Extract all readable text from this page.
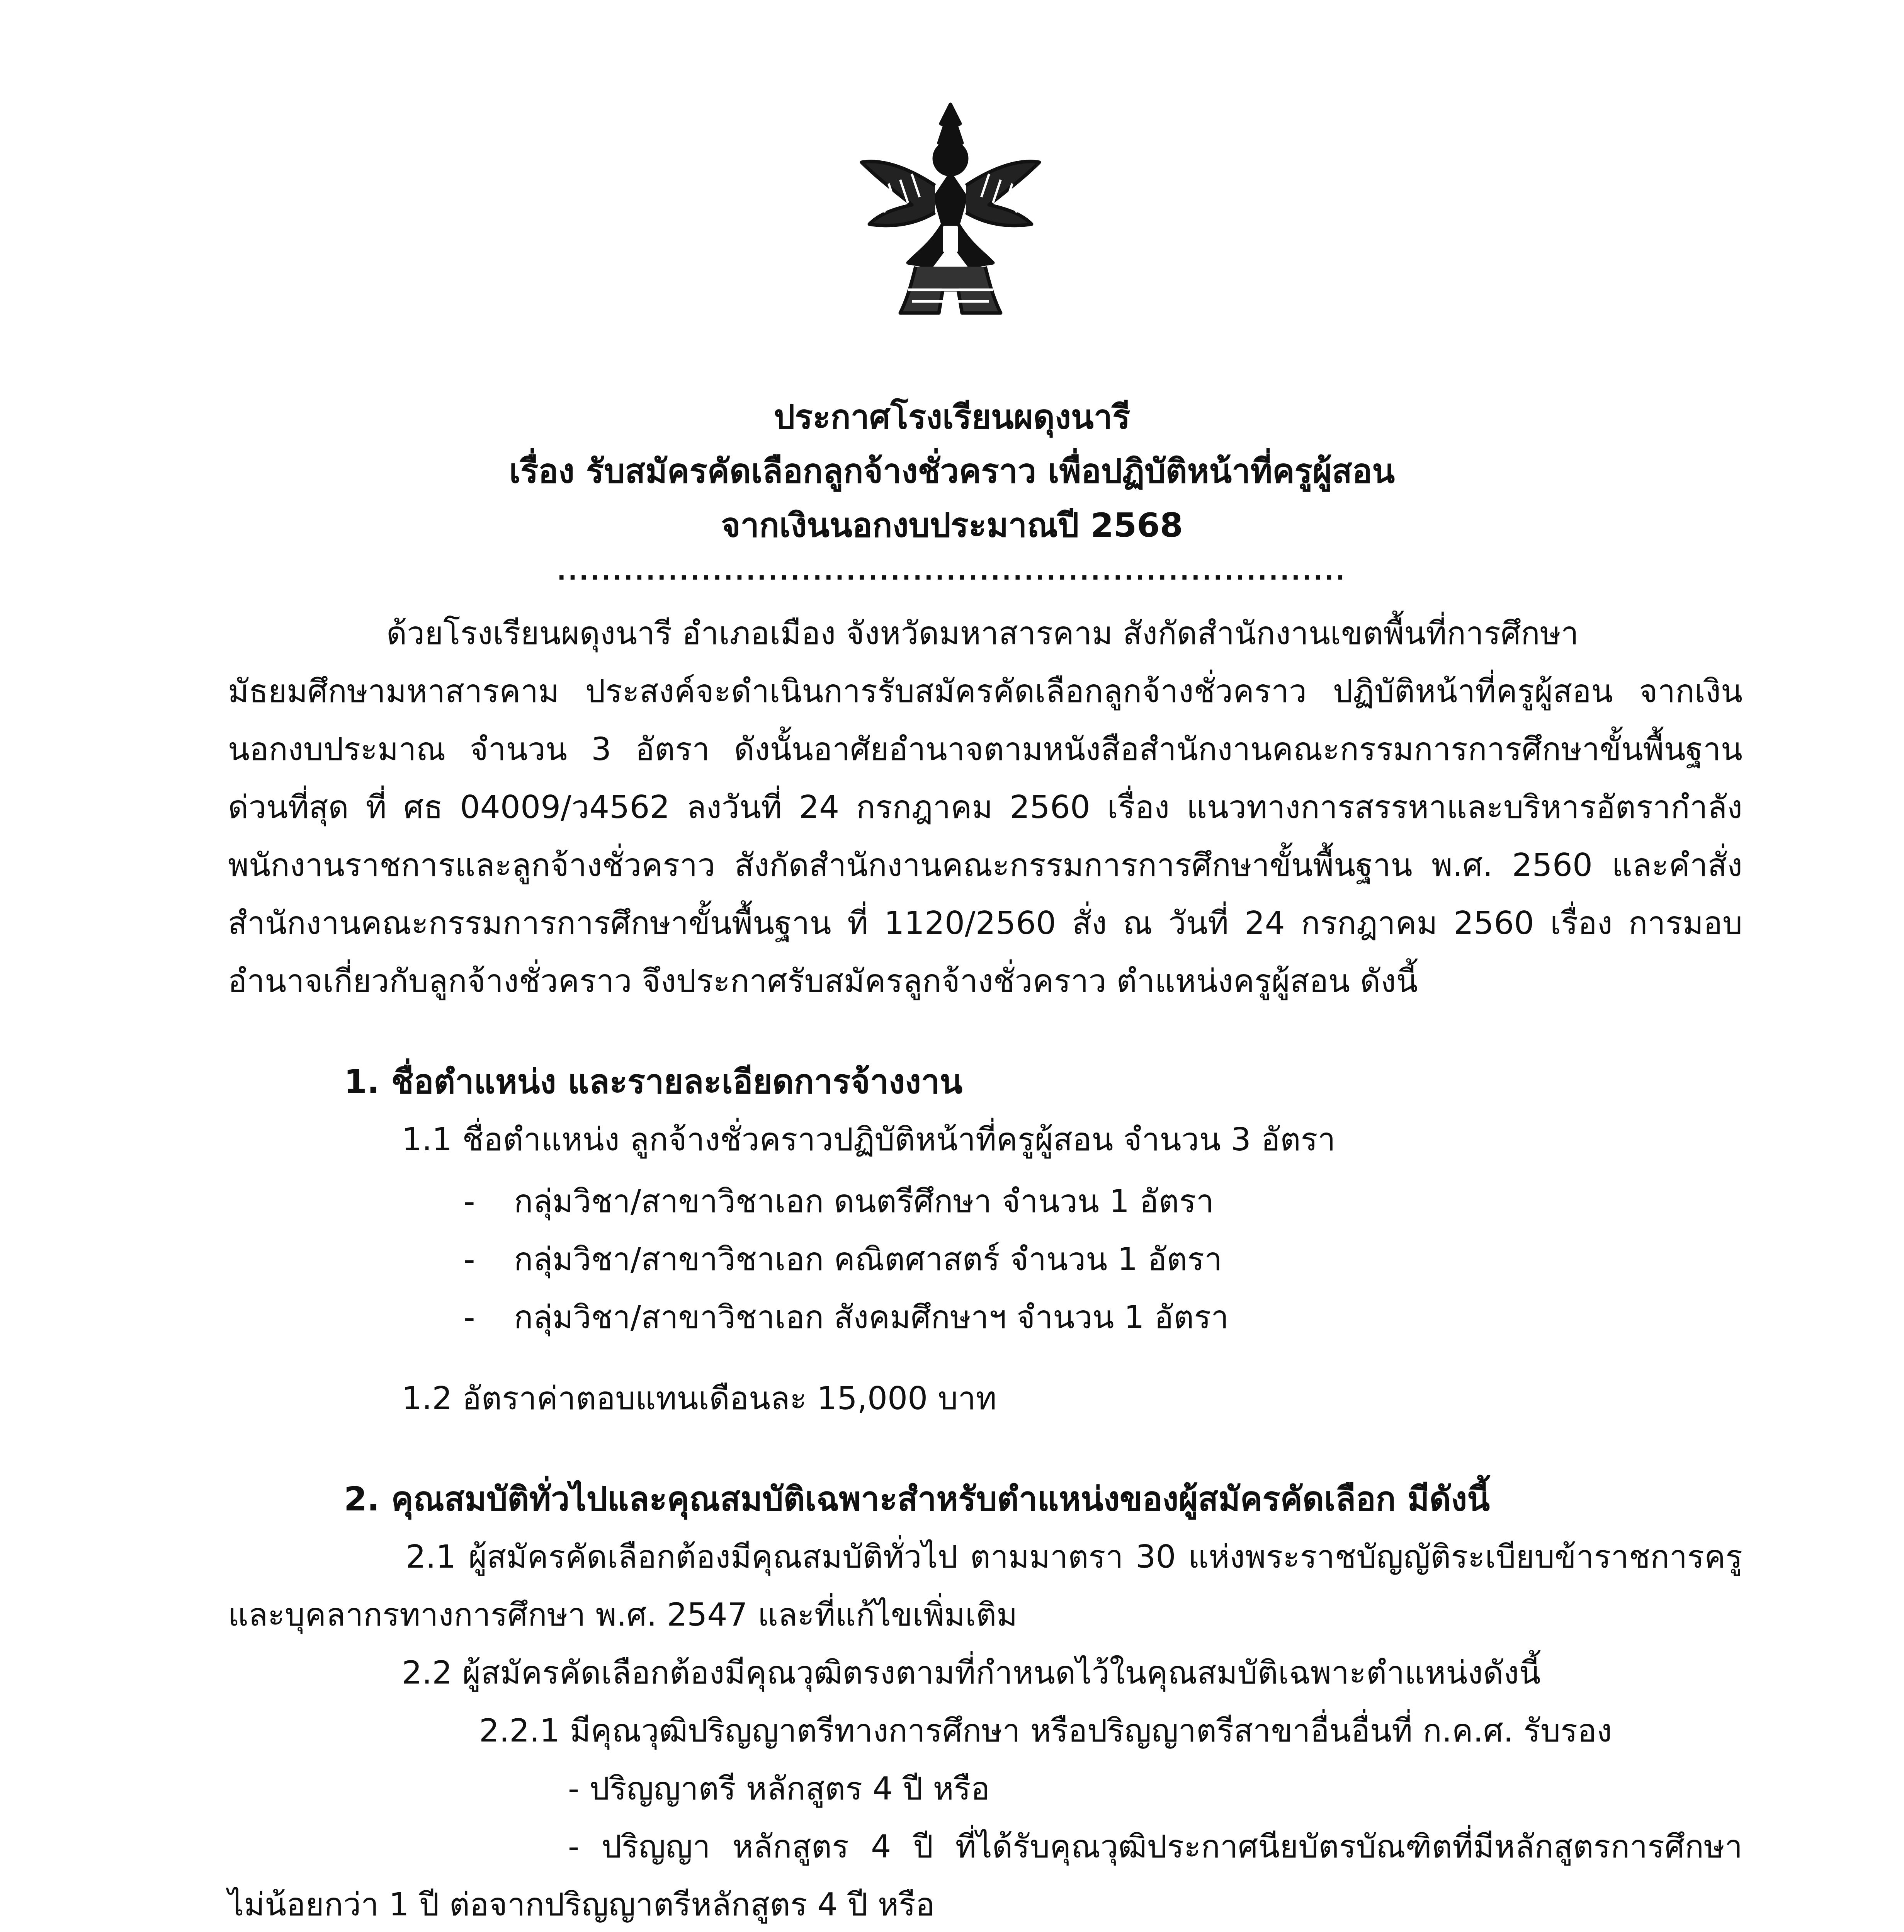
ประกาศโรงเรียนผดุงนารี
เรื่อง รับสมัครคัดเลือกลูกจ้างชั่วคราว เพื่อปฏิบัติหน้าที่ครูผู้สอน
จากเงินนอกงบประมาณปี 2568
.......................................................................
ด้วยโรงเรียนผดุงนารี อำเภอเมือง จังหวัดมหาสารคาม สังกัดสำนักงานเขตพื้นที่การศึกษา
มัธยมศึกษามหาสารคาม ประสงค์จะดำเนินการรับสมัครคัดเลือกลูกจ้างชั่วคราว ปฏิบัติหน้าที่ครูผู้สอน จากเงิน
นอกงบประมาณ จำนวน 3 อัตรา ดังนั้นอาศัยอำนาจตามหนังสือสำนักงานคณะกรรมการการศึกษาขั้นพื้นฐาน
ด่วนที่สุด ที่ ศธ 04009/ว4562 ลงวันที่ 24 กรกฎาคม 2560 เรื่อง แนวทางการสรรหาและบริหารอัตรากำลัง
พนักงานราชการและลูกจ้างชั่วคราว สังกัดสำนักงานคณะกรรมการการศึกษาขั้นพื้นฐาน พ.ศ. 2560 และคำสั่ง
สำนักงานคณะกรรมการการศึกษาขั้นพื้นฐาน ที่ 1120/2560 สั่ง ณ วันที่ 24 กรกฎาคม 2560 เรื่อง การมอบ
อำนาจเกี่ยวกับลูกจ้างชั่วคราว จึงประกาศรับสมัครลูกจ้างชั่วคราว ตำแหน่งครูผู้สอน ดังนี้
1. ชื่อตำแหน่ง และรายละเอียดการจ้างงาน
1.1 ชื่อตำแหน่ง ลูกจ้างชั่วคราวปฏิบัติหน้าที่ครูผู้สอน จำนวน 3 อัตรา
- กลุ่มวิชา/สาขาวิชาเอก ดนตรีศึกษา จำนวน 1 อัตรา
- กลุ่มวิชา/สาขาวิชาเอก คณิตศาสตร์ จำนวน 1 อัตรา
- กลุ่มวิชา/สาขาวิชาเอก สังคมศึกษาฯ จำนวน 1 อัตรา
1.2 อัตราค่าตอบแทนเดือนละ 15,000 บาท
2. คุณสมบัติทั่วไปและคุณสมบัติเฉพาะสำหรับตำแหน่งของผู้สมัครคัดเลือก มีดังนี้
2.1 ผู้สมัครคัดเลือกต้องมีคุณสมบัติทั่วไป ตามมาตรา 30 แห่งพระราชบัญญัติระเบียบข้าราชการครู
และบุคลากรทางการศึกษา พ.ศ. 2547 และที่แก้ไขเพิ่มเติม
2.2 ผู้สมัครคัดเลือกต้องมีคุณวุฒิตรงตามที่กำหนดไว้ในคุณสมบัติเฉพาะตำแหน่งดังนี้
2.2.1 มีคุณวุฒิปริญญาตรีทางการศึกษา หรือปริญญาตรีสาขาอื่นอื่นที่ ก.ค.ศ. รับรอง
- ปริญญาตรี หลักสูตร 4 ปี หรือ
- ปริญญา หลักสูตร 4 ปี ที่ได้รับคุณวุฒิประกาศนียบัตรบัณฑิตที่มีหลักสูตรการศึกษา
ไม่น้อยกว่า 1 ปี ต่อจากปริญญาตรีหลักสูตร 4 ปี หรือ
